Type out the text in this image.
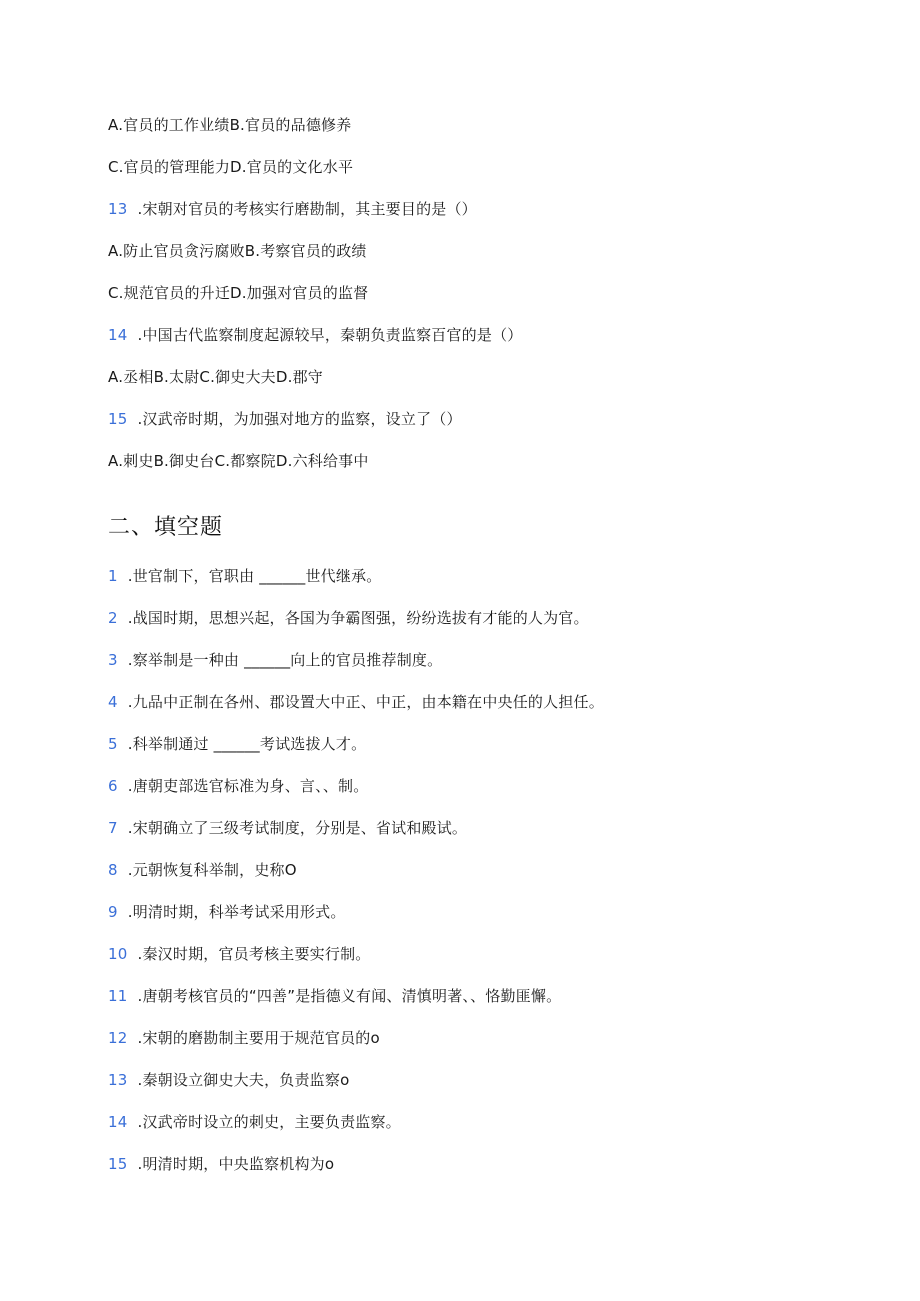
A.官员的工作业绩B.官员的品德修养
C.官员的管理能力D.官员的文化水平
13 .宋朝对官员的考核实行磨勘制，其主要目的是（）
A.防止官员贪污腐败B.考察官员的政绩
C.规范官员的升迁D.加强对官员的监督
14 .中国古代监察制度起源较早，秦朝负责监察百官的是（）
A.丞相B.太尉C.御史大夫D.郡守
15 .汉武帝时期，为加强对地方的监察，设立了（）
A.刺史B.御史台C.都察院D.六科给事中
二、填空题
1 .世官制下，官职由 ______世代继承。
2 .战国时期，思想兴起，各国为争霸图强，纷纷选拔有才能的人为官。
3 .察举制是一种由 ______向上的官员推荐制度。
4 .九品中正制在各州、郡设置大中正、中正，由本籍在中央任的人担任。
5 .科举制通过 ______考试选拔人才。
6 .唐朝吏部选官标准为身、言、、制。
7 .宋朝确立了三级考试制度，分别是、省试和殿试。
8 .元朝恢复科举制，史称O
9 .明清时期，科举考试采用形式。
10 .秦汉时期，官员考核主要实行制。
11 .唐朝考核官员的“四善”是指德义有闻、清慎明著、、恪勤匪懈。
12 .宋朝的磨勘制主要用于规范官员的o
13 .秦朝设立御史大夫，负责监察o
14 .汉武帝时设立的刺史，主要负责监察。
15 .明清时期，中央监察机构为o
